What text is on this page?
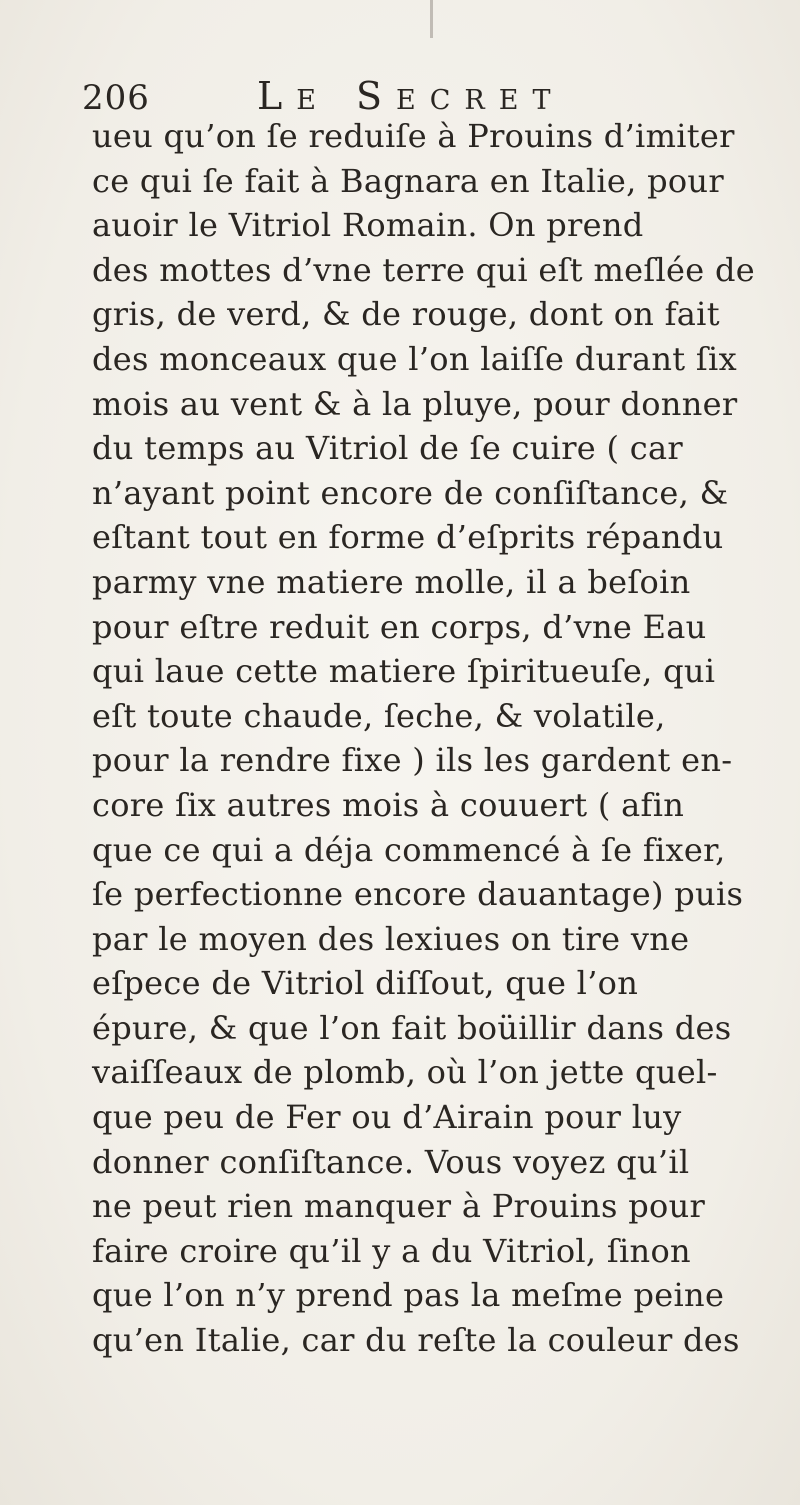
206	Le Secret
ueu qu’on ſe reduiſe à Prouins d’imiter
ce qui ſe fait à Bagnara en Italie, pour
auoir le Vitriol Romain. On prend
des mottes d’vne terre qui eſt meſlée de
gris, de verd, & de rouge, dont on fait
des monceaux que l’on laiſſe durant ſix
mois au vent & à la pluye, pour donner
du temps au Vitriol de ſe cuire ( car
n’ayant point encore de conſiſtance, &
eſtant tout en forme d’eſprits répandu
parmy vne matiere molle, il a beſoin
pour eſtre reduit en corps, d’vne Eau
qui laue cette matiere ſpiritueuſe, qui
eſt toute chaude, ſeche, & volatile,
pour la rendre fixe ) ils les gardent en-
core ſix autres mois à couuert ( afin
que ce qui a déja commencé à ſe fixer,
ſe perfectionne encore dauantage) puis
par le moyen des lexiues on tire vne
eſpece de Vitriol diſſout, que l’on
épure, & que l’on fait boüillir dans des
vaiſſeaux de plomb, où l’on jette quel-
que peu de Fer ou d’Airain pour luy
donner conſiſtance. Vous voyez qu’il
ne peut rien manquer à Prouins pour
faire croire qu’il y a du Vitriol, ſinon
que l’on n’y prend pas la meſme peine
qu’en Italie, car du reſte la couleur des
